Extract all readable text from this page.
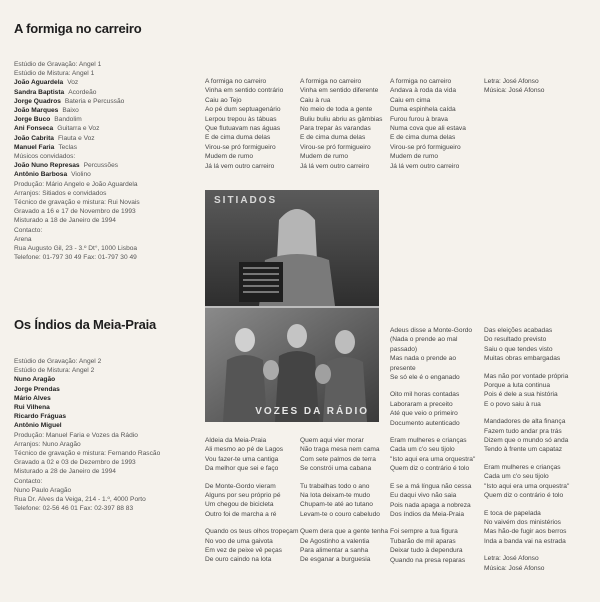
A formiga no carreiro
Estúdio de Gravação: Angel 1
Estúdio de Mistura: Angel 1
João Aguardela Voz
Sandra Baptista Acordeão
Jorge Quadros Bateria e Percussão
João Marques Baixo
Jorge Buco Bandolim
Ani Fonseca Guitarra e Voz
João Cabrita Flauta e Voz
Manuel Faria Teclas
Músicos convidados:
João Nuno Represas Percussões
Antônio Barbosa Violino
Produção: Mário Angelo e João Aguardela
Arranjos: Sitiados e convidados
Técnico de gravação e mistura: Rui Novais
Gravado a 16 e 17 de Novembro de 1993
Misturado a 18 de Janeiro de 1994
Contacto:
Arena
Rua Augusto Gil, 23 - 3.º Dt°, 1000 Lisboa
Telefone: 01-797 30 49 Fax: 01-797 30 49
A formiga no carreiro
Vinha em sentido contrário
Caiu ao Tejo
Ao pé dum septuagenário
Lerpou trepou às tábuas
Que flutuavam nas águas
E de cima duma delas
Virou-se pró formigueiro
Mudem de rumo
Já lá vem outro carreiro
A formiga no carreiro
Vinha em sentido diferente
Caiu à rua
No meio de toda a gente
Buliu buliu abriu as gâmbias
Para trepar às varandas
E de cima duma delas
Virou-se pró formigueiro
Mudem de rumo
Já lá vem outro carreiro
A formiga no carreiro
Andava à roda da vida
Caiu em cima
Duma espinhela caída
Furou furou à brava
Numa cova que ali estava
E de cima duma delas
Virou-se pró formigueiro
Mudem de rumo
Já lá vem outro carreiro
Letra: José Afonso
Música: José Afonso
SITIADOS
VOZES DA RÁDIO
Os Índios da Meia-Praia
Estúdio de Gravação: Angel 2
Estúdio de Mistura: Angel 2
Nuno Aragão
Jorge Prendas
Mário Alves
Rui Vilhena
Ricardo Fráguas
Antônio Miguel
Produção: Manuel Faria e Vozes da Rádio
Arranjos: Nuno Aragão
Técnico de gravação e mistura: Fernando Rascão
Gravado a 02 e 03 de Dezembro de 1993
Misturado a 28 de Janeiro de 1994
Contacto:
Nuno Paulo Aragão
Rua Dr. Alves da Veiga, 214 - 1.º, 4000 Porto
Telefone: 02-56 46 01 Fax: 02-397 88 83
Aldeia da Meia-Praia
Ali mesmo ao pé de Lagos
Vou fazer-te uma cantiga
Da melhor que sei e faço
De Monte-Gordo vieram
Alguns por seu próprio pé
Um chegou de bicicleta
Outro foi de marcha a ré
Quando os teus olhos tropeçam
No voo de uma gaivota
Em vez de peixe vê peças
De ouro caindo na lota
Quem aqui vier morar
Não traga mesa nem cama
Com sete palmos de terra
Se constrói uma cabana
Tu trabalhas todo o ano
Na lota deixam-te mudo
Chupam-te até ao tutano
Levam-te o couro cabeludo
Quem dera que a gente tenha
De Agostinho a valentia
Para alimentar a sanha
De esganar a burguesia
Adeus disse a Monte-Gordo
(Nada o prende ao mal
passado)
Mas nada o prende ao
presente
Se só ele é o enganado
Oito mil horas contadas
Laboraram a preceito
Até que veio o primeiro
Documento autenticado
Eram mulheres e crianças
Cada um c'o seu tijolo
"Isto aqui era uma orquestra"
Quem diz o contrário é tolo
E se a má língua não cessa
Eu daqui vivo não saia
Pois nada apaga a nobreza
Dos índios da Meia-Praia
Foi sempre a tua figura
Tubarão de mil aparas
Deixar tudo à dependura
Quando na presa reparas
Das eleições acabadas
Do resultado previsto
Saiu o que tendes visto
Muitas obras embargadas
Mas não por vontade própria
Porque a luta continua
Pois é dele a sua história
E o povo saiu à rua
Mandadores de alta finança
Fazem tudo andar pra trás
Dizem que o mundo só anda
Tendo à frente um capataz
Eram mulheres e crianças
Cada um c'o seu tijolo
"Isto aqui era uma orquestra"
Quem diz o contrário é tolo
E toca de papelada
No vaivém dos ministérios
Mas hão-de fugir aos berros
Inda a banda vai na estrada
Letra: José Afonso
Música: José Afonso
